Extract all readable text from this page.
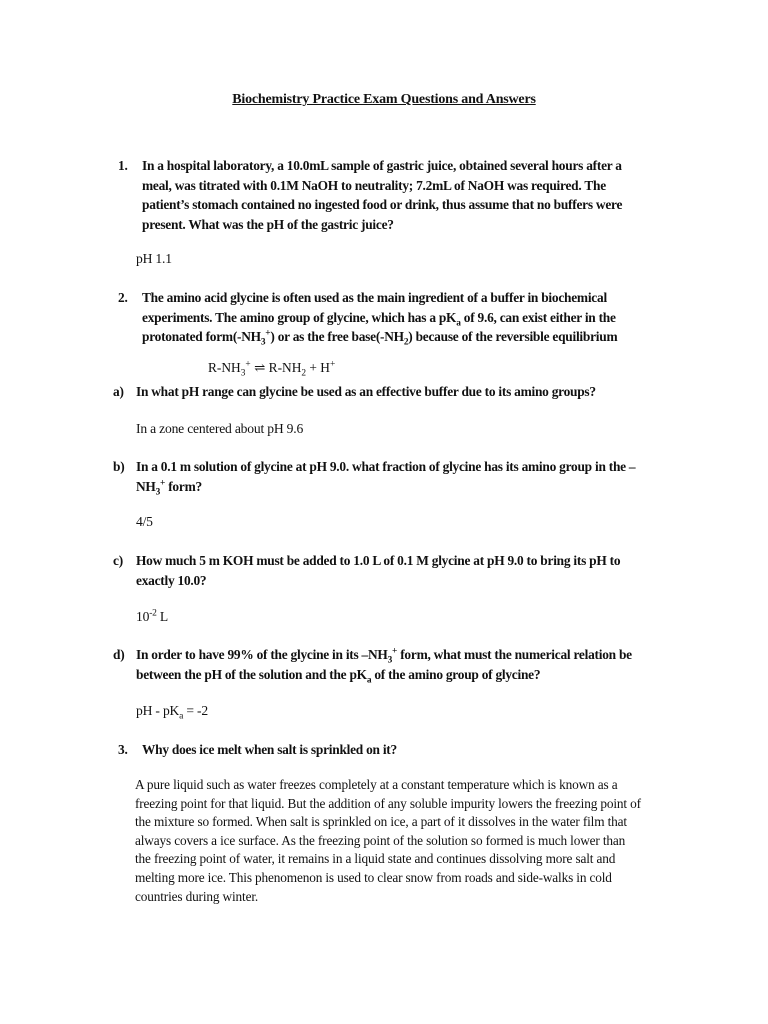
Biochemistry Practice Exam Questions and Answers
1. In a hospital laboratory, a 10.0mL sample of gastric juice, obtained several hours after a
meal, was titrated with 0.1M NaOH to neutrality; 7.2mL of NaOH was required. The
patient’s stomach contained no ingested food or drink, thus assume that no buffers were
present. What was the pH of the gastric juice?
pH 1.1
2. The amino acid glycine is often used as the main ingredient of a buffer in biochemical
experiments. The amino group of glycine, which has a $pK_a$ of 9.6, can exist either in the
protonated $form(-NH_3^+)$ or as the free $base(-NH_2)$ because of the reversible equilibrium
$R-NH_3^+$ ⇌ $R-NH_2 + H^+$
a) In what pH range can glycine be used as an effective buffer due to its amino groups?
In a zone centered about pH 9.6
b) In a 0.1 m solution of glycine at pH 9.0. what fraction of glycine has its amino group in the –
$NH_3^+$ form?
4/5
c) How much 5 m KOH must be added to 1.0 L of 0.1 M glycine at pH 9.0 to bring its pH to
exactly 10.0?
$10^{-2}$ L
d) In order to have 99% of the glycine in its $-NH_3^+$ form, what must the numerical relation be
between the pH of the solution and the $pK_a$ of the amino group of glycine?
pH - $pK_a = -2$
3. Why does ice melt when salt is sprinkled on it?
A pure liquid such as water freezes completely at a constant temperature which is known as a
freezing point for that liquid. But the addition of any soluble impurity lowers the freezing point of
the mixture so formed. When salt is sprinkled on ice, a part of it dissolves in the water film that
always covers a ice surface. As the freezing point of the solution so formed is much lower than
the freezing point of water, it remains in a liquid state and continues dissolving more salt and
melting more ice. This phenomenon is used to clear snow from roads and side-walks in cold
countries during winter.
